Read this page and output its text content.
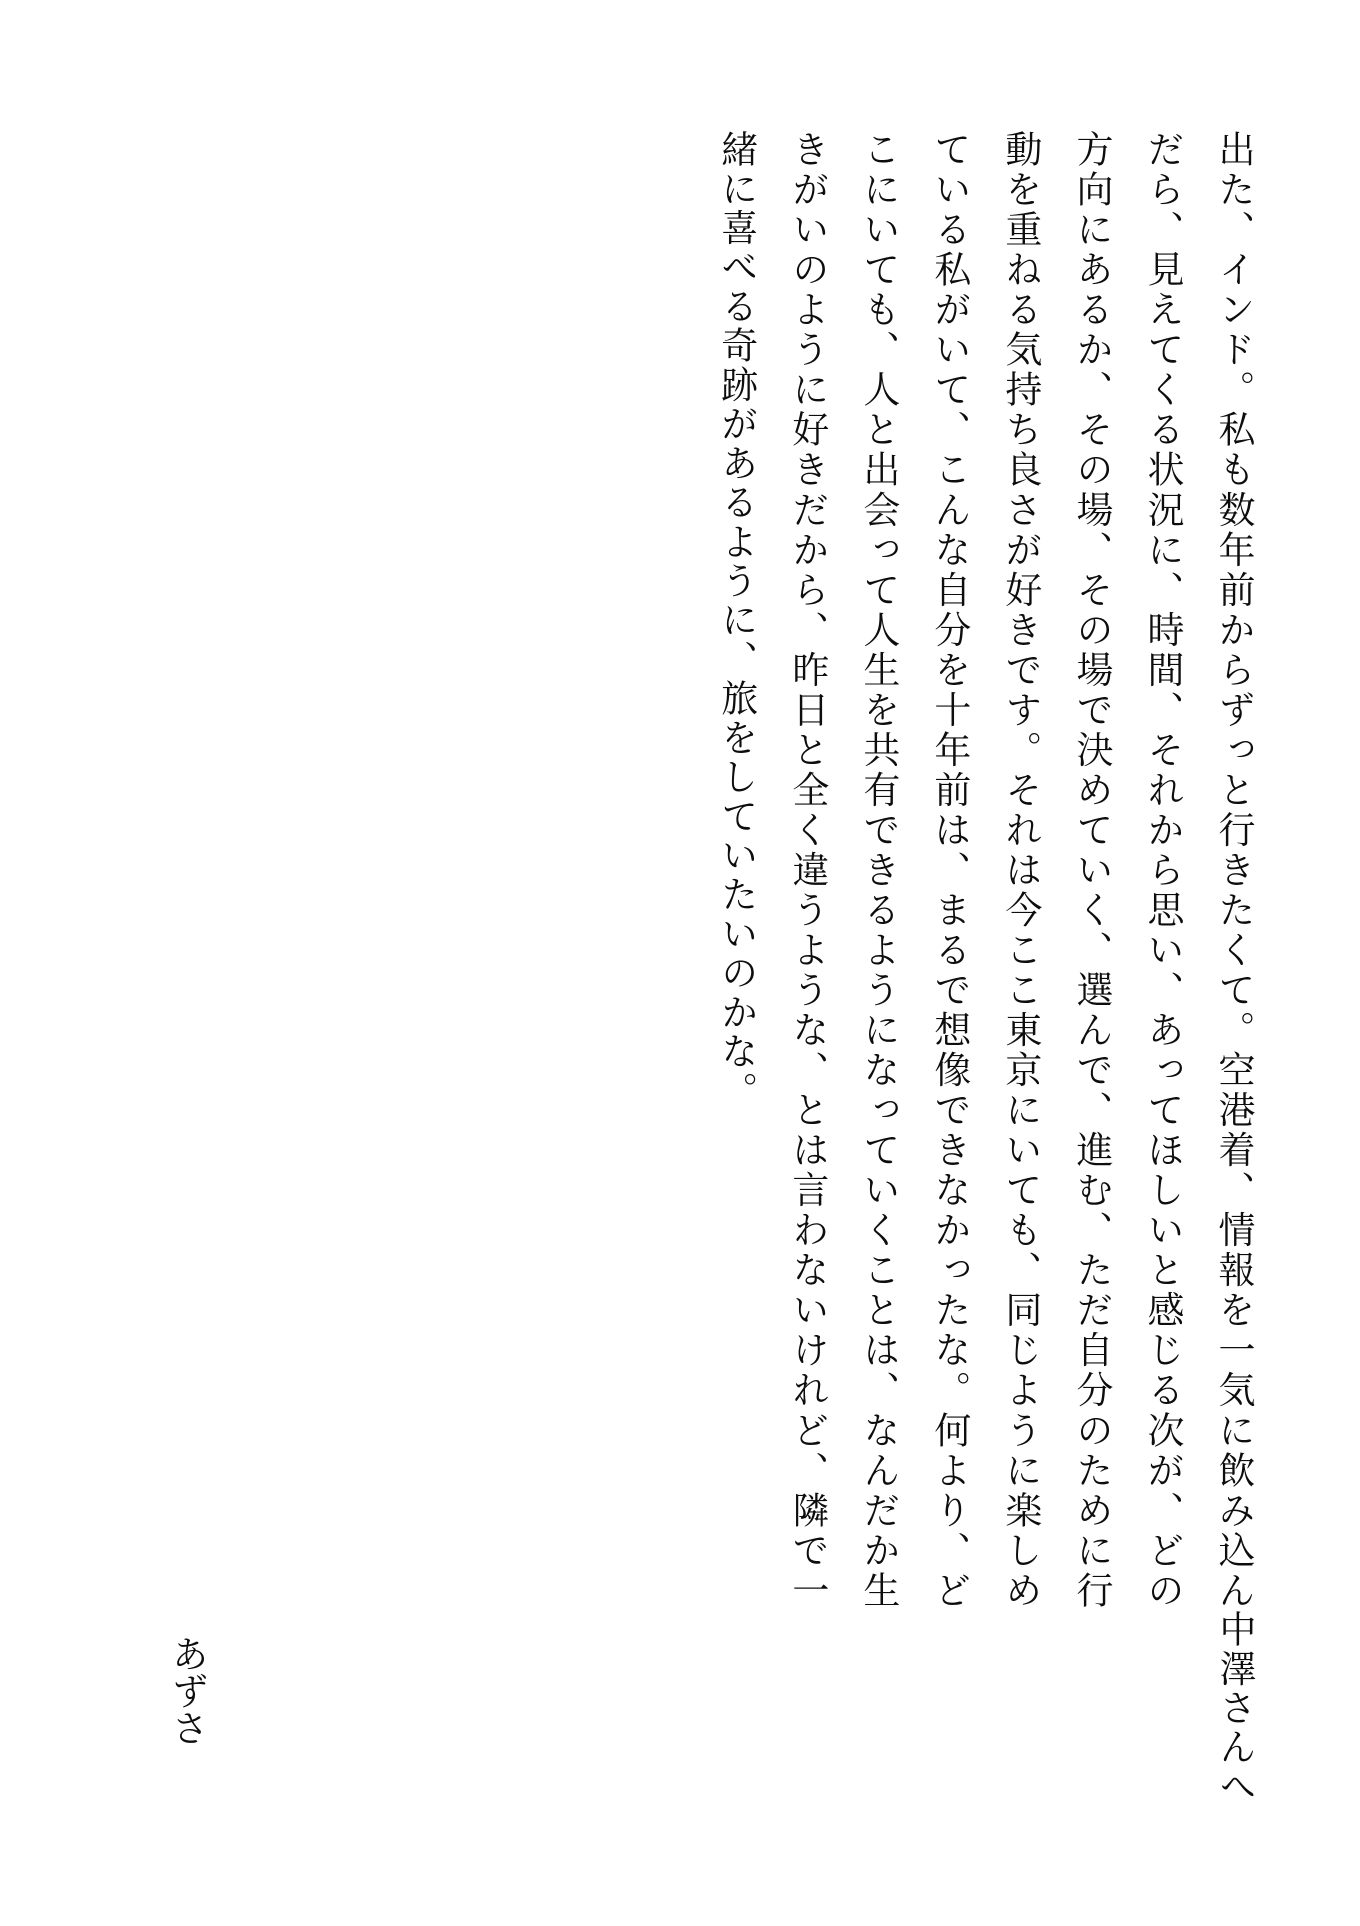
中澤さんへ
出た、インド。私も数年前からずっと行きたくて。空港着、情報を一気に飲み込んだら、見えてくる状況に、時間、それから思い、あってほしいと感じる次が、どの方向にあるか、その場、その場で決めていく、選んで、進む、ただ自分のために行動を重ねる気持ち良さが好きです。それは今ここ東京にいても、同じように楽しめている私がいて、こんな自分を十年前は、まるで想像できなかったな。何より、どこにいても、人と出会って人生を共有できるようになっていくことは、なんだか生きがいのように好きだから、昨日と全く違うような、とは言わないけれど、隣で一緒に喜べる奇跡があるように、旅をしていたいのかな。
あずさ
